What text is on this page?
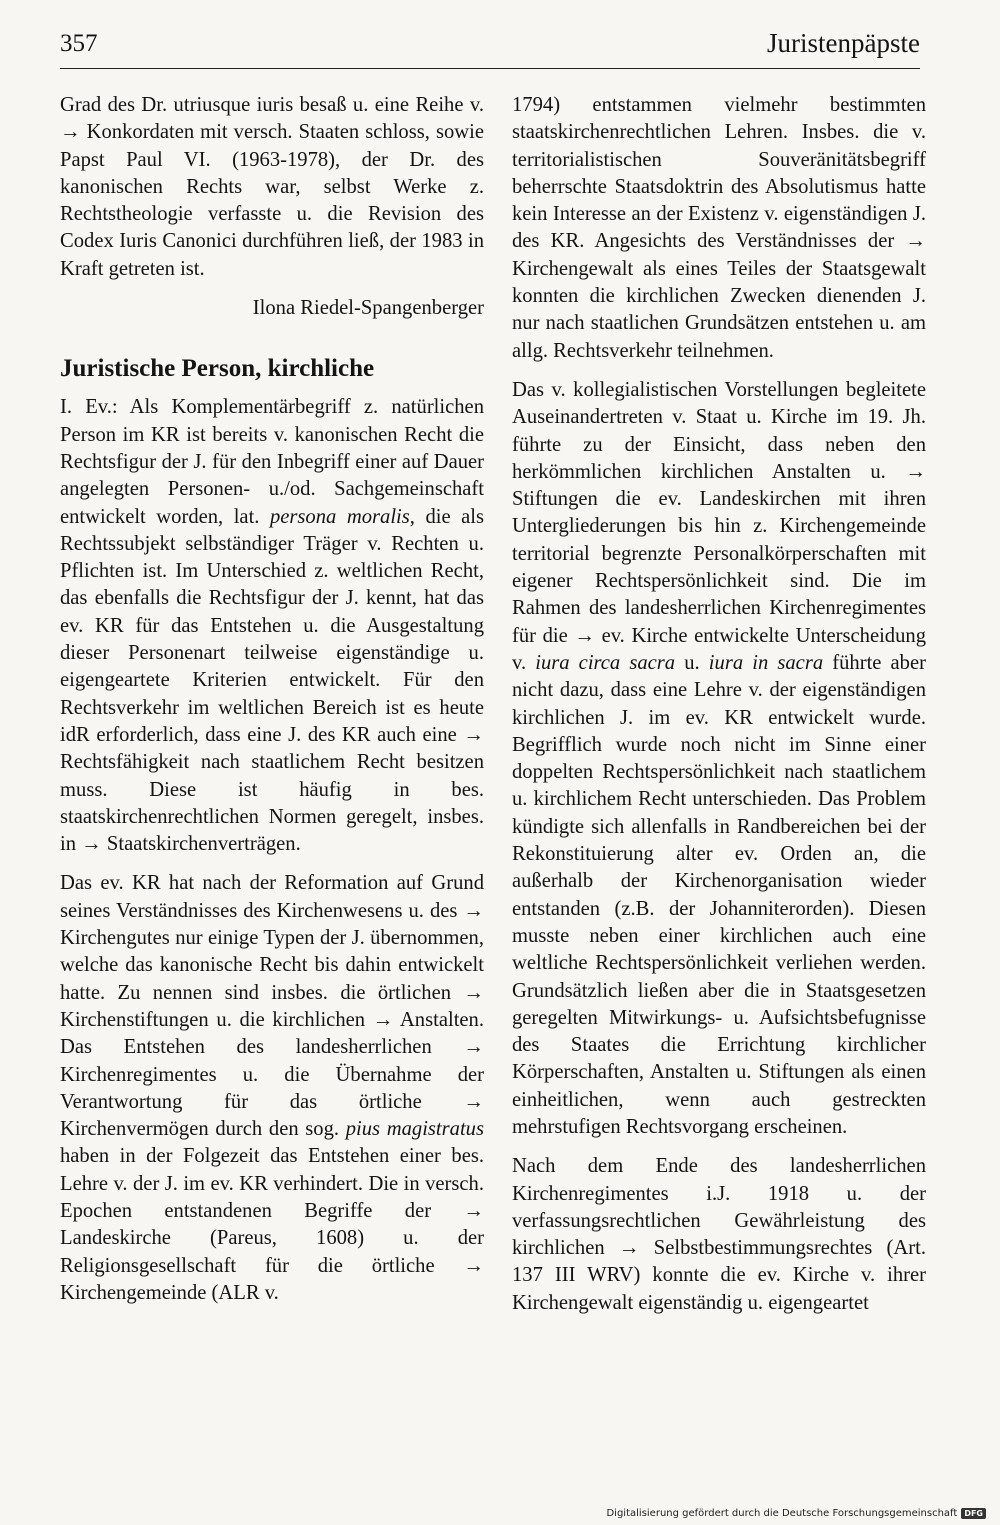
357	Juristenpäpste

Grad des Dr. utriusque iuris besaß u. eine Reihe v. → Konkordaten mit versch. Staaten schloss, sowie Papst Paul VI. (1963-1978), der Dr. des kanonischen Rechts war, selbst Werke z. Rechtstheologie verfasste u. die Revision des Codex Iuris Canonici durchführen ließ, der 1983 in Kraft getreten ist.

Ilona Riedel-Spangenberger

Juristische Person, kirchliche

I. Ev.: Als Komplementärbegriff z. natürlichen Person im KR ist bereits v. kanonischen Recht die Rechtsfigur der J. für den Inbegriff einer auf Dauer angelegten Personen- u./od. Sachgemeinschaft entwickelt worden, lat. persona moralis, die als Rechtssubjekt selbständiger Träger v. Rechten u. Pflichten ist. Im Unterschied z. weltlichen Recht, das ebenfalls die Rechtsfigur der J. kennt, hat das ev. KR für das Entstehen u. die Ausgestaltung dieser Personenart teilweise eigenständige u. eigengeartete Kriterien entwickelt. Für den Rechtsverkehr im weltlichen Bereich ist es heute idR erforderlich, dass eine J. des KR auch eine → Rechtsfähigkeit nach staatlichem Recht besitzen muss. Diese ist häufig in bes. staatskirchenrechtlichen Normen geregelt, insbes. in → Staatskirchenverträgen.

Das ev. KR hat nach der Reformation auf Grund seines Verständnisses des Kirchenwesens u. des → Kirchengutes nur einige Typen der J. übernommen, welche das kanonische Recht bis dahin entwickelt hatte. Zu nennen sind insbes. die örtlichen → Kirchenstiftungen u. die kirchlichen → Anstalten. Das Entstehen des landesherrlichen → Kirchenregimentes u. die Übernahme der Verantwortung für das örtliche → Kirchenvermögen durch den sog. pius magistratus haben in der Folgezeit das Entstehen einer bes. Lehre v. der J. im ev. KR verhindert. Die in versch. Epochen entstandenen Begriffe der → Landeskirche (Pareus, 1608) u. der Religionsgesellschaft für die örtliche → Kirchengemeinde (ALR v.

1794) entstammen vielmehr bestimmten staatskirchenrechtlichen Lehren. Insbes. die v. territorialistischen Souveränitätsbegriff beherrschte Staatsdoktrin des Absolutismus hatte kein Interesse an der Existenz v. eigenständigen J. des KR. Angesichts des Verständnisses der → Kirchengewalt als eines Teiles der Staatsgewalt konnten die kirchlichen Zwecken dienenden J. nur nach staatlichen Grundsätzen entstehen u. am allg. Rechtsverkehr teilnehmen.

Das v. kollegialistischen Vorstellungen begleitete Auseinandertreten v. Staat u. Kirche im 19. Jh. führte zu der Einsicht, dass neben den herkömmlichen kirchlichen Anstalten u. → Stiftungen die ev. Landeskirchen mit ihren Untergliederungen bis hin z. Kirchengemeinde territorial begrenzte Personalkörperschaften mit eigener Rechtspersönlichkeit sind. Die im Rahmen des landesherrlichen Kirchenregimentes für die → ev. Kirche entwickelte Unterscheidung v. iura circa sacra u. iura in sacra führte aber nicht dazu, dass eine Lehre v. der eigenständigen kirchlichen J. im ev. KR entwickelt wurde. Begrifflich wurde noch nicht im Sinne einer doppelten Rechtspersönlichkeit nach staatlichem u. kirchlichem Recht unterschieden. Das Problem kündigte sich allenfalls in Randbereichen bei der Rekonstituierung alter ev. Orden an, die außerhalb der Kirchenorganisation wieder entstanden (z.B. der Johanniterorden). Diesen musste neben einer kirchlichen auch eine weltliche Rechtspersönlichkeit verliehen werden. Grundsätzlich ließen aber die in Staatsgesetzen geregelten Mitwirkungs- u. Aufsichtsbefugnisse des Staates die Errichtung kirchlicher Körperschaften, Anstalten u. Stiftungen als einen einheitlichen, wenn auch gestreckten mehrstufigen Rechtsvorgang erscheinen.

Nach dem Ende des landesherrlichen Kirchenregimentes i.J. 1918 u. der verfassungsrechtlichen Gewährleistung des kirchlichen → Selbstbestimmungsrechtes (Art. 137 III WRV) konnte die ev. Kirche v. ihrer Kirchengewalt eigenständig u. eigengeartet

Digitalisierung gefördert durch die Deutsche Forschungsgemeinschaft DFG
